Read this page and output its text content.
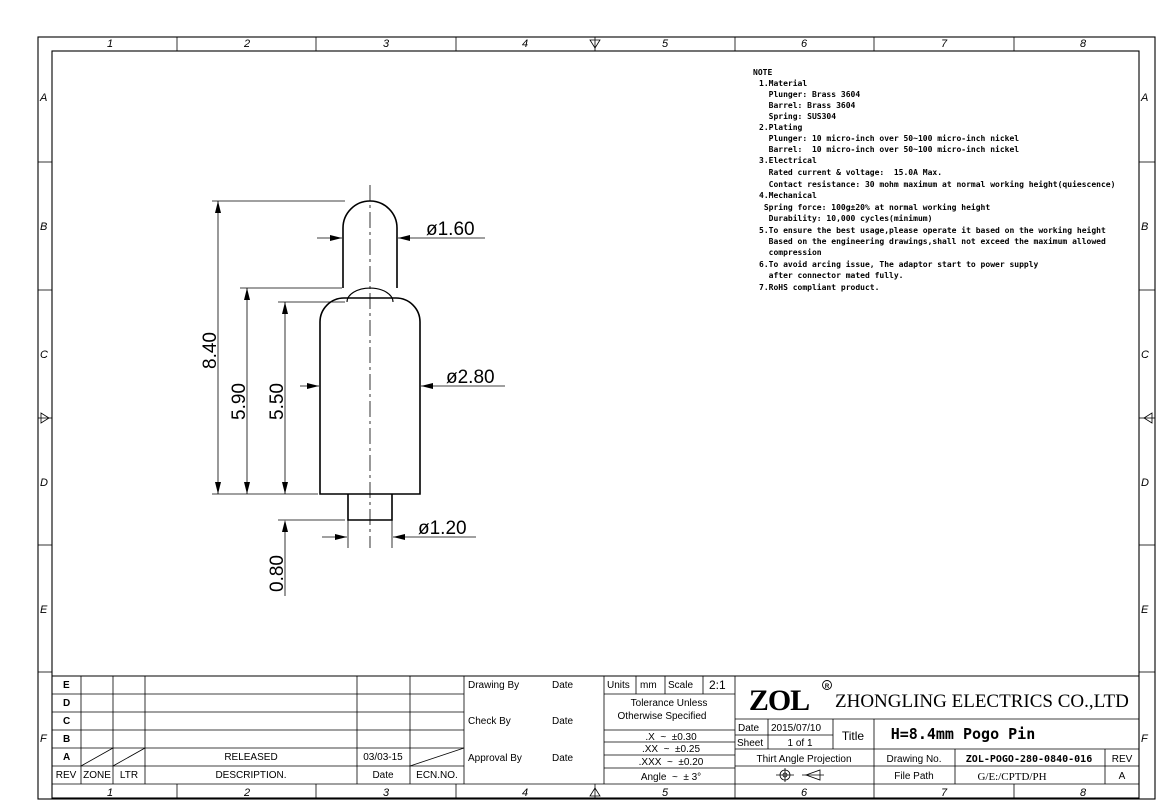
1	2	3	4	5	6	7	8
1	2	3	4	5	6	7	8
A
B
C
D
E
F
A
B
C
D
E
F
ø1.60
ø2.80
ø1.20
8.40
5.90 5.50
0.80
NOTE
1.Material
Plunger: Brass 3604
Barrel: Brass 3604
Spring: SUS304
2.Plating
Plunger: 10 micro-inch over 50~100 micro-inch nickel
Barrel:  10 micro-inch over 50~100 micro-inch nickel
3.Electrical
Rated current & voltage:  15.0A Max.
Contact resistance: 30 mohm maximum at normal working height(quiescence)
4.Mechanical
Spring force: 100g±20% at normal working height
Durability: 10,000 cycles(minimum)
5.To ensure the best usage,please operate it based on the working height
Based on the engineering drawings,shall not exceed the maximum allowed
compression
6.To avoid arcing issue, The adaptor start to power supply
after connector mated fully.
7.RoHS compliant product.
E
D
C
B
A	RELEASED	03/03-15
REV ZONE LTR	DESCRIPTION.	Date ECN.NO.
Drawing By	Date
Check By	Date
Approval By	Date
Units mm Scale 2:1
Tolerance Unless
Otherwise Specified
.X  ~  ±0.30
.XX  ~  ±0.25
.XXX  ~  ±0.20
Angle  ~  ± 3°
ZOL	R
ZHONGLING ELECTRICS CO.,LTD
Date 2015/07/10
Sheet 1 of 1
Title H=8.4mm Pogo Pin
Thirt Angle Projection	Drawing No. ZOL-POGO-280-0840-016 REV
File Path	G/E:/CPTD/PH	A
